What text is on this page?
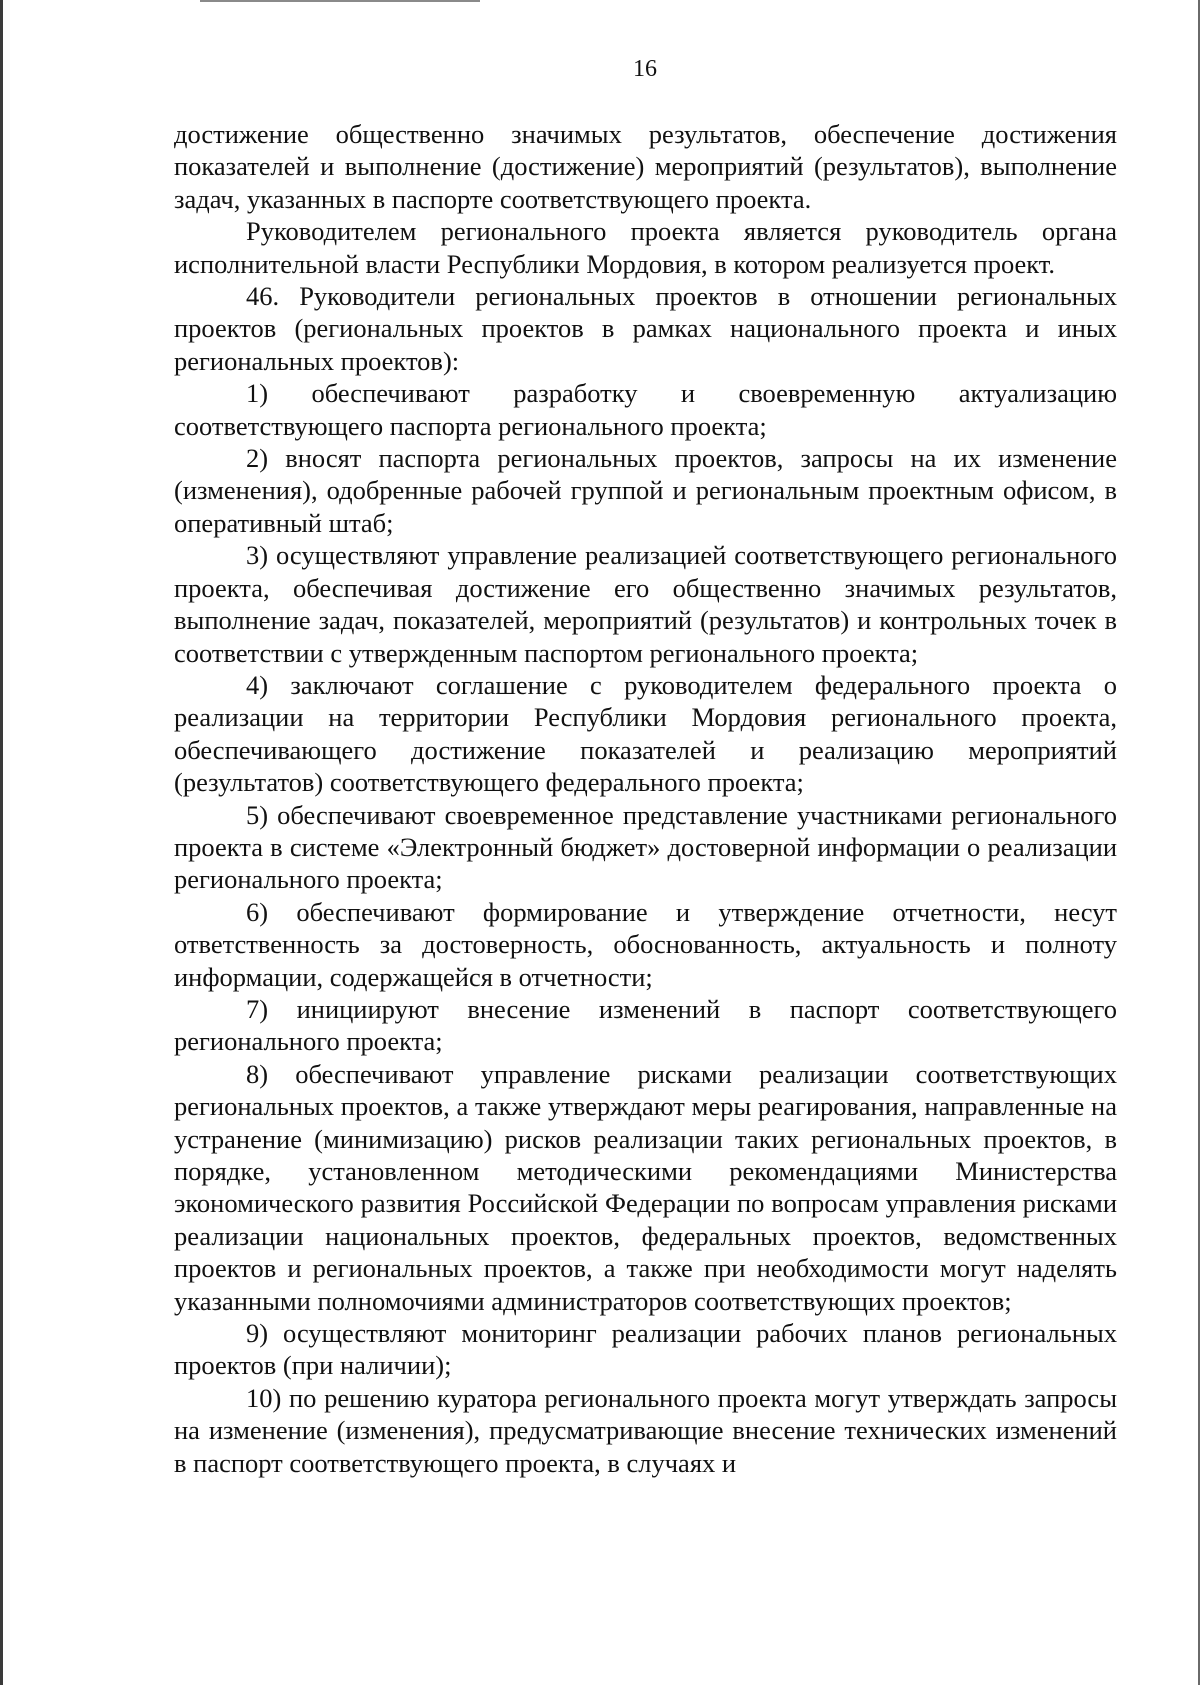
16

достижение общественно значимых результатов, обеспечение достижения показателей и выполнение (достижение) мероприятий (результатов), выполнение задач, указанных в паспорте соответствующего проекта.

Руководителем регионального проекта является руководитель органа исполнительной власти Республики Мордовия, в котором реализуется проект.

46. Руководители региональных проектов в отношении региональных проектов (региональных проектов в рамках национального проекта и иных региональных проектов):

1) обеспечивают разработку и своевременную актуализацию соответствующего паспорта регионального проекта;

2) вносят паспорта региональных проектов, запросы на их изменение (изменения), одобренные рабочей группой и региональным проектным офисом, в оперативный штаб;

3) осуществляют управление реализацией соответствующего регионального проекта, обеспечивая достижение его общественно значимых результатов, выполнение задач, показателей, мероприятий (результатов) и контрольных точек в соответствии с утвержденным паспортом регионального проекта;

4) заключают соглашение с руководителем федерального проекта о реализации на территории Республики Мордовия регионального проекта, обеспечивающего достижение показателей и реализацию мероприятий (результатов) соответствующего федерального проекта;

5) обеспечивают своевременное представление участниками регионального проекта в системе «Электронный бюджет» достоверной информации о реализации регионального проекта;

6) обеспечивают формирование и утверждение отчетности, несут ответственность за достоверность, обоснованность, актуальность и полноту информации, содержащейся в отчетности;

7) инициируют внесение изменений в паспорт соответствующего регионального проекта;

8) обеспечивают управление рисками реализации соответствующих региональных проектов, а также утверждают меры реагирования, направленные на устранение (минимизацию) рисков реализации таких региональных проектов, в порядке, установленном методическими рекомендациями Министерства экономического развития Российской Федерации по вопросам управления рисками реализации национальных проектов, федеральных проектов, ведомственных проектов и региональных проектов, а также при необходимости могут наделять указанными полномочиями администраторов соответствующих проектов;

9) осуществляют мониторинг реализации рабочих планов региональных проектов (при наличии);

10) по решению куратора регионального проекта могут утверждать запросы на изменение (изменения), предусматривающие внесение технических изменений в паспорт соответствующего проекта, в случаях и
